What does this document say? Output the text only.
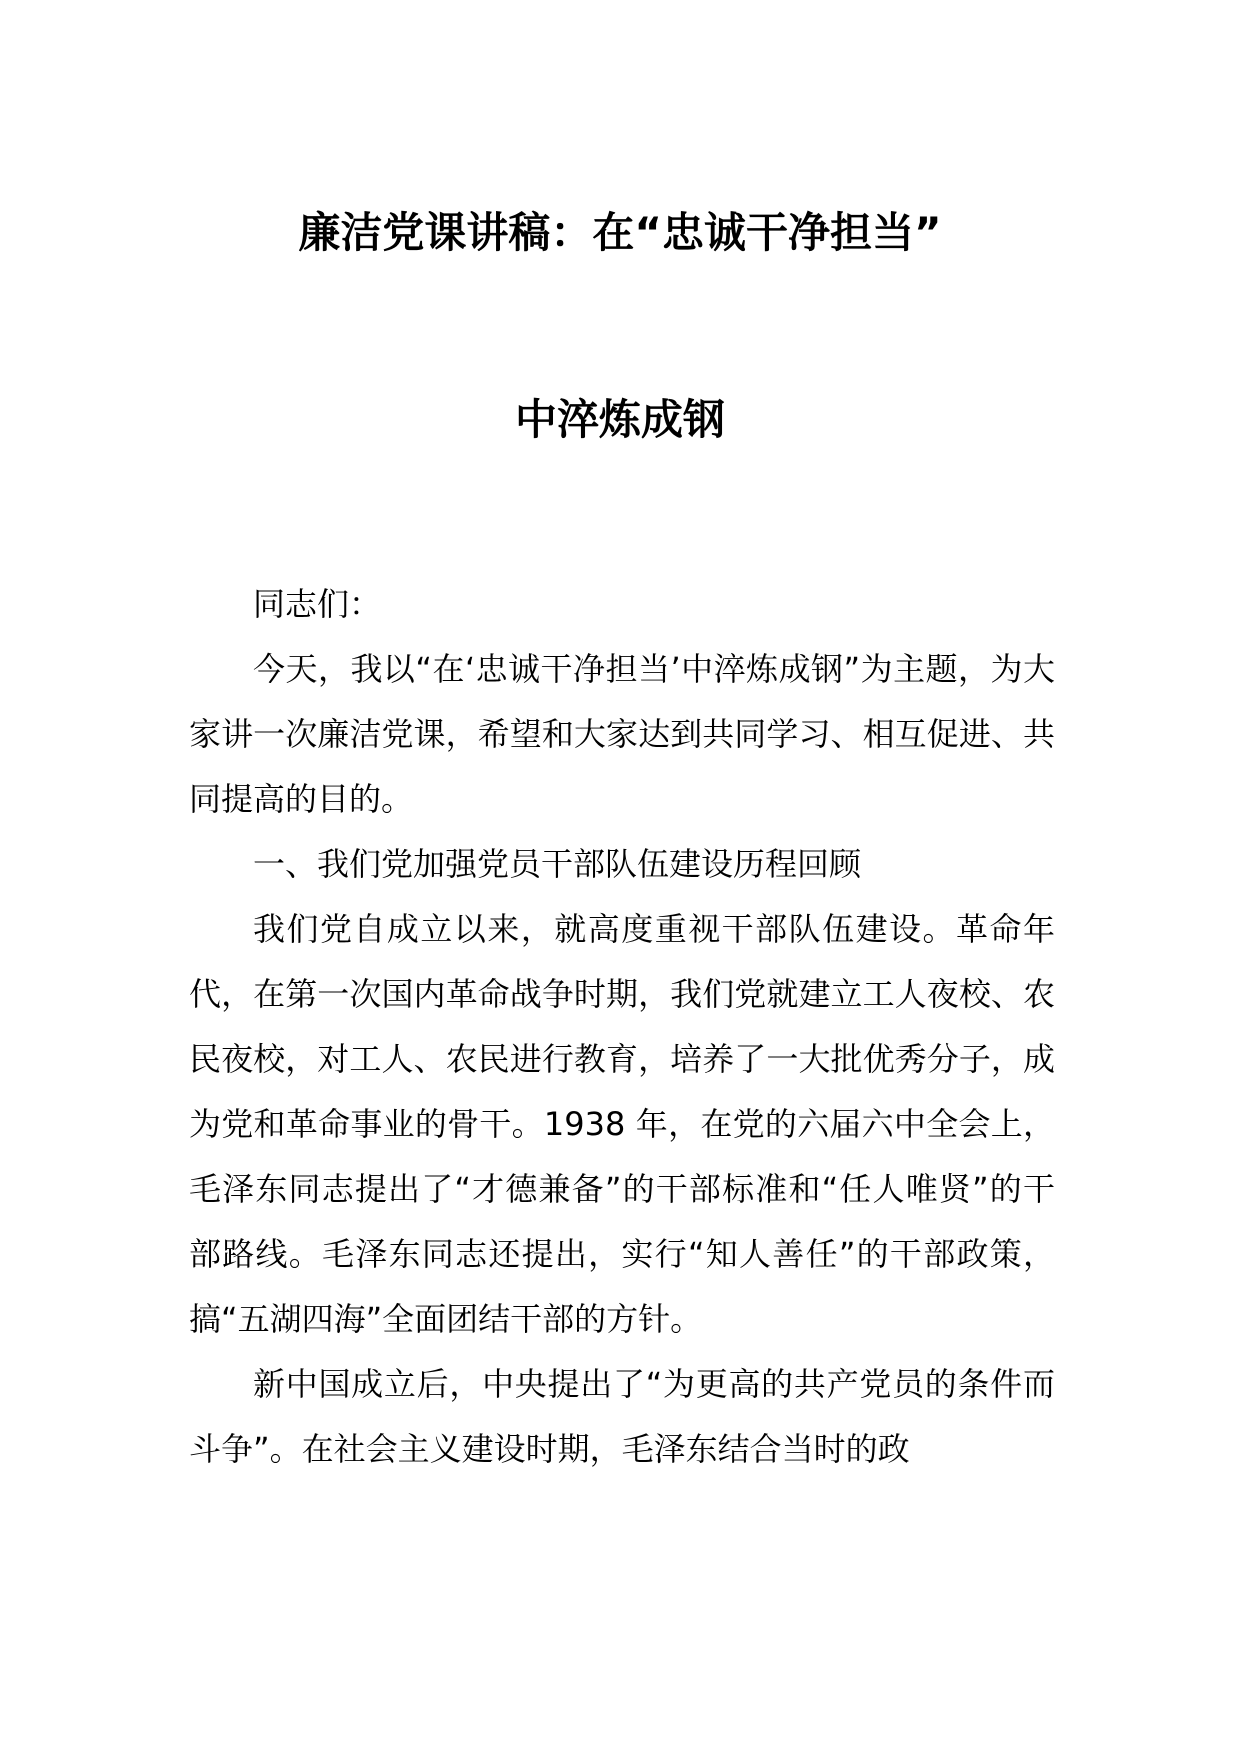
廉洁党课讲稿：在“忠诚干净担当”
中淬炼成钢

同志们：

今天，我以“在‘忠诚干净担当’中淬炼成钢”为主题，为大家讲一次廉洁党课，希望和大家达到共同学习、相互促进、共同提高的目的。

一、我们党加强党员干部队伍建设历程回顾

我们党自成立以来，就高度重视干部队伍建设。革命年代，在第一次国内革命战争时期，我们党就建立工人夜校、农民夜校，对工人、农民进行教育，培养了一大批优秀分子，成为党和革命事业的骨干。1938 年，在党的六届六中全会上，毛泽东同志提出了“才德兼备”的干部标准和“任人唯贤”的干部路线。毛泽东同志还提出，实行“知人善任”的干部政策，搞“五湖四海”全面团结干部的方针。

新中国成立后，中央提出了“为更高的共产党员的条件而斗争”。在社会主义建设时期，毛泽东结合当时的政
